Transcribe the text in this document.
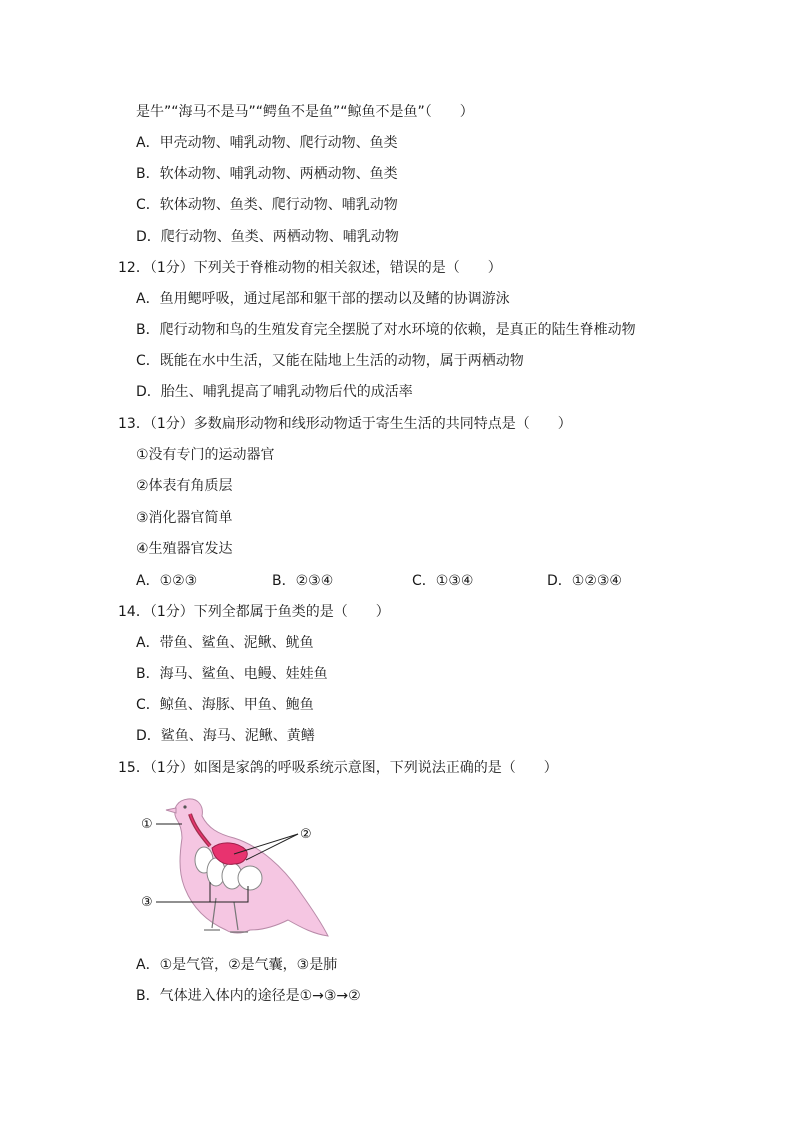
是牛”“海马不是马”“鳄鱼不是鱼”“鲸鱼不是鱼”（　　）
A．甲壳动物、哺乳动物、爬行动物、鱼类
B．软体动物、哺乳动物、两栖动物、鱼类
C．软体动物、鱼类、爬行动物、哺乳动物
D．爬行动物、鱼类、两栖动物、哺乳动物
12．（1分）下列关于脊椎动物的相关叙述，错误的是（　　）
A．鱼用鳃呼吸，通过尾部和躯干部的摆动以及鳍的协调游泳
B．爬行动物和鸟的生殖发育完全摆脱了对水环境的依赖，是真正的陆生脊椎动物
C．既能在水中生活，又能在陆地上生活的动物，属于两栖动物
D．胎生、哺乳提高了哺乳动物后代的成活率
13．（1分）多数扁形动物和线形动物适于寄生生活的共同特点是（　　）
①没有专门的运动器官
②体表有角质层
③消化器官简单
④生殖器官发达
A．①②③	B．②③④	C．①③④	D．①②③④
14．（1分）下列全都属于鱼类的是（　　）
A．带鱼、鲨鱼、泥鳅、鱿鱼
B．海马、鲨鱼、电鳗、娃娃鱼
C．鲸鱼、海豚、甲鱼、鲍鱼
D．鲨鱼、海马、泥鳅、黄鳝
15．（1分）如图是家鸽的呼吸系统示意图，下列说法正确的是（　　）
①
②
③
A．①是气管，②是气囊，③是肺
B．气体进入体内的途径是①→③→②
